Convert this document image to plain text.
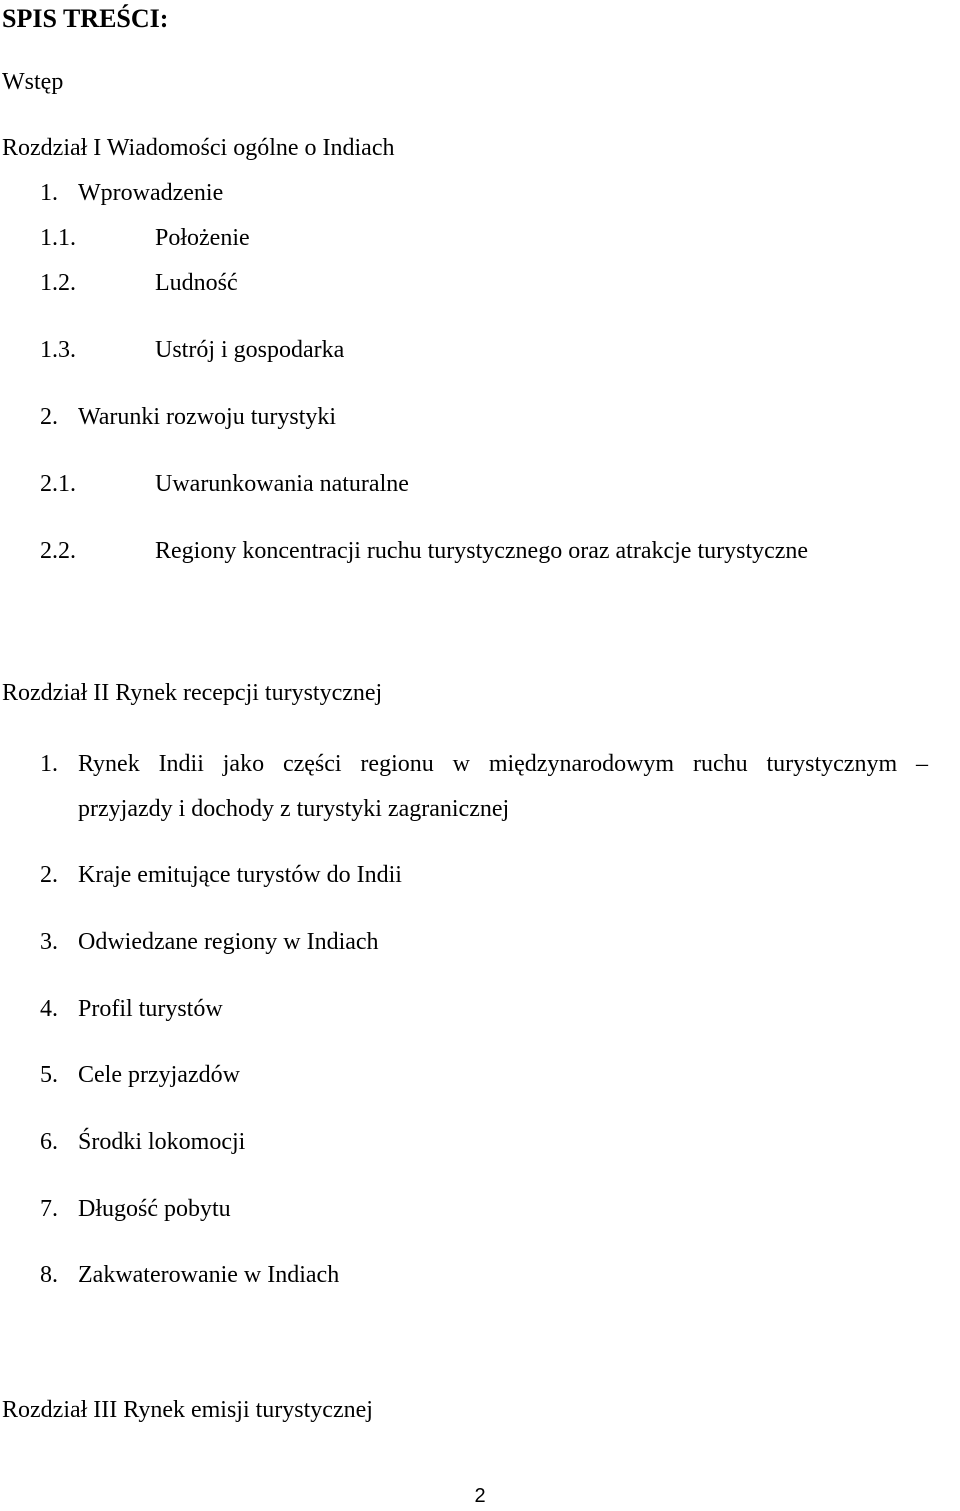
SPIS TREŚCI:
Wstęp
Rozdział I Wiadomości ogólne o Indiach
1. Wprowadzenie
1.1.	Położenie
1.2.	Ludność
1.3.	Ustrój i gospodarka
2. Warunki rozwoju turystyki
2.1.	Uwarunkowania naturalne
2.2.	Regiony koncentracji ruchu turystycznego oraz atrakcje turystyczne
Rozdział II Rynek recepcji turystycznej
1. Rynek Indii jako części regionu w międzynarodowym ruchu turystycznym –
przyjazdy i dochody z turystyki zagranicznej
2. Kraje emitujące turystów do Indii
3. Odwiedzane regiony w Indiach
4. Profil turystów
5. Cele przyjazdów
6. Środki lokomocji
7. Długość pobytu
8. Zakwaterowanie w Indiach
Rozdział III Rynek emisji turystycznej
2
